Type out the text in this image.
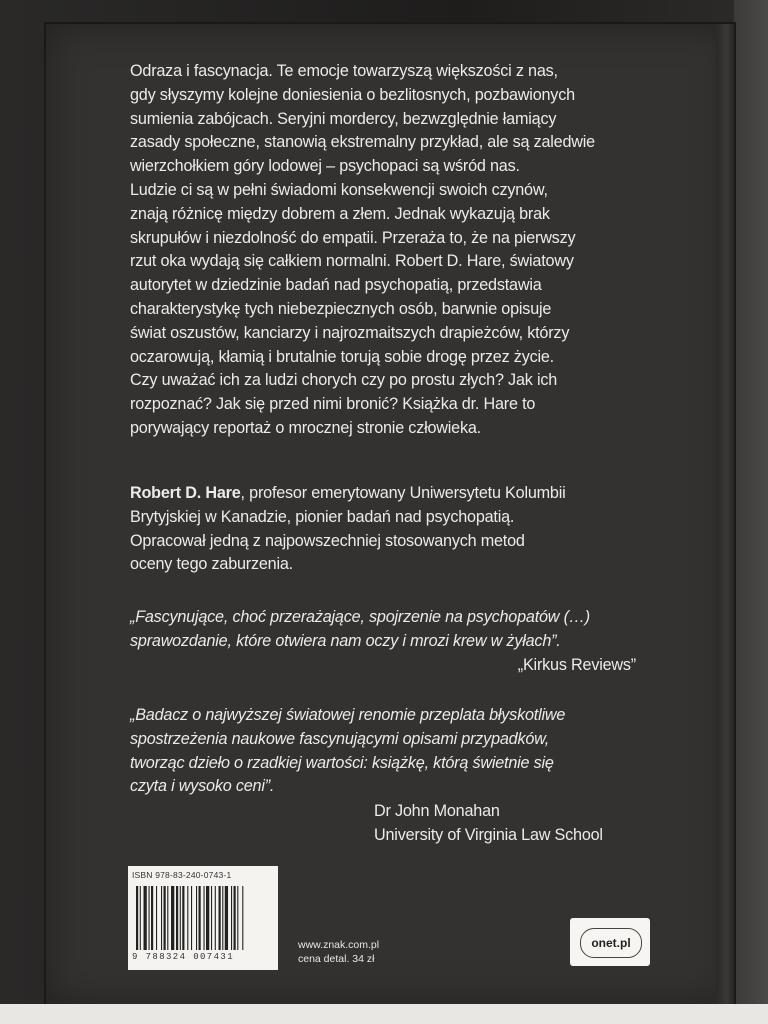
Odraza i fascynacja. Te emocje towarzyszą większości z nas,
gdy słyszymy kolejne doniesienia o bezlitosnych, pozbawionych
sumienia zabójcach. Seryjni mordercy, bezwzględnie łamiący
zasady społeczne, stanowią ekstremalny przykład, ale są zaledwie
wierzchołkiem góry lodowej – psychopaci są wśród nas.
Ludzie ci są w pełni świadomi konsekwencji swoich czynów,
znają różnicę między dobrem a złem. Jednak wykazują brak
skrupułów i niezdolność do empatii. Przeraża to, że na pierwszy
rzut oka wydają się całkiem normalni. Robert D. Hare, światowy
autorytet w dziedzinie badań nad psychopatią, przedstawia
charakterystykę tych niebezpiecznych osób, barwnie opisuje
świat oszustów, kanciarzy i najrozmaitszych drapieżców, którzy
oczarowują, kłamią i brutalnie torują sobie drogę przez życie.
Czy uważać ich za ludzi chorych czy po prostu złych? Jak ich
rozpoznać? Jak się przed nimi bronić? Książka dr. Hare to
porywający reportaż o mrocznej stronie człowieka.
Robert D. Hare, profesor emerytowany Uniwersytetu Kolumbii
Brytyjskiej w Kanadzie, pionier badań nad psychopatią.
Opracował jedną z najpowszechniej stosowanych metod
oceny tego zaburzenia.
„Fascynujące, choć przerażające, spojrzenie na psychopatów (…)
sprawozdanie, które otwiera nam oczy i mrozi krew w żyłach”.
„Kirkus Reviews”
„Badacz o najwyższej światowej renomie przeplata błyskotliwe
spostrzeżenia naukowe fascynującymi opisami przypadków,
tworząc dzieło o rzadkiej wartości: książkę, którą świetnie się
czyta i wysoko ceni”.
Dr John Monahan
University of Virginia Law School
ISBN 978-83-240-0743-1
9 788324 007431
www.znak.com.pl
cena detal. 34 zł
onet.pl
